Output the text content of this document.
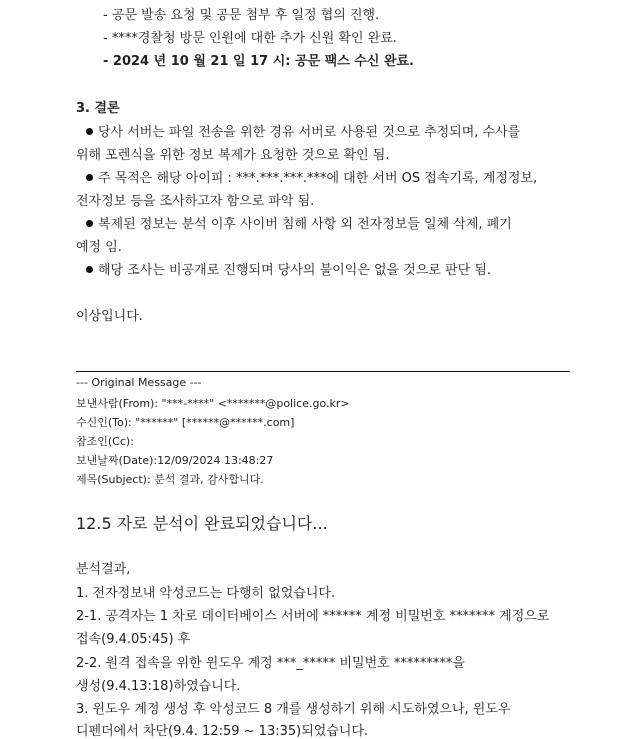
- 공문 발송 요청 및 공문 첨부 후 일정 협의 진행.
- ****경찰청 방문 인원에 대한 추가 신원 확인 완료.
- 2024 년 10 월 21 일 17 시: 공문 팩스 수신 완료.
3. 결론
당사 서버는 파일 전송을 위한 경유 서버로 사용된 것으로 추정되며, 수사를
위해 포렌식을 위한 정보 복제가 요청한 것으로 확인 됨.
주 목적은 해당 아이피 : ***.***.***.***에 대한 서버 OS 접속기록, 계정정보,
전자정보 등을 조사하고자 함으로 파악 됨.
복제된 정보는 분석 이후 사이버 침해 사항 외 전자정보들 일체 삭제, 폐기
예정 임.
해당 조사는 비공개로 진행되며 당사의 불이익은 없을 것으로 판단 됨.
이상입니다.
--- Original Message ---
보낸사람(From): "***-****" <*******@police.go.kr>
수신인(To): "******" [******@******.com]
참조인(Cc):
보낸날짜(Date):12/09/2024 13:48:27
제목(Subject): 분석 결과, 감사합니다.
12.5 자로 분석이 완료되었습니다...
분석결과,
1. 전자정보내 악성코드는 다행히 없었습니다.
2-1. 공격자는 1 차로 데이터베이스 서버에 ****** 계정 비밀번호 ******* 계정으로
접속(9.4.05:45) 후
2-2. 원격 접속을 위한 윈도우 계정 ***_***** 비밀번호 *********을
생성(9.4.13:18)하였습니다.
3. 윈도우 계정 생성 후 악성코드 8 개를 생성하기 위해 시도하였으나, 윈도우
디펜더에서 차단(9.4. 12:59 ~ 13:35)되었습니다.
